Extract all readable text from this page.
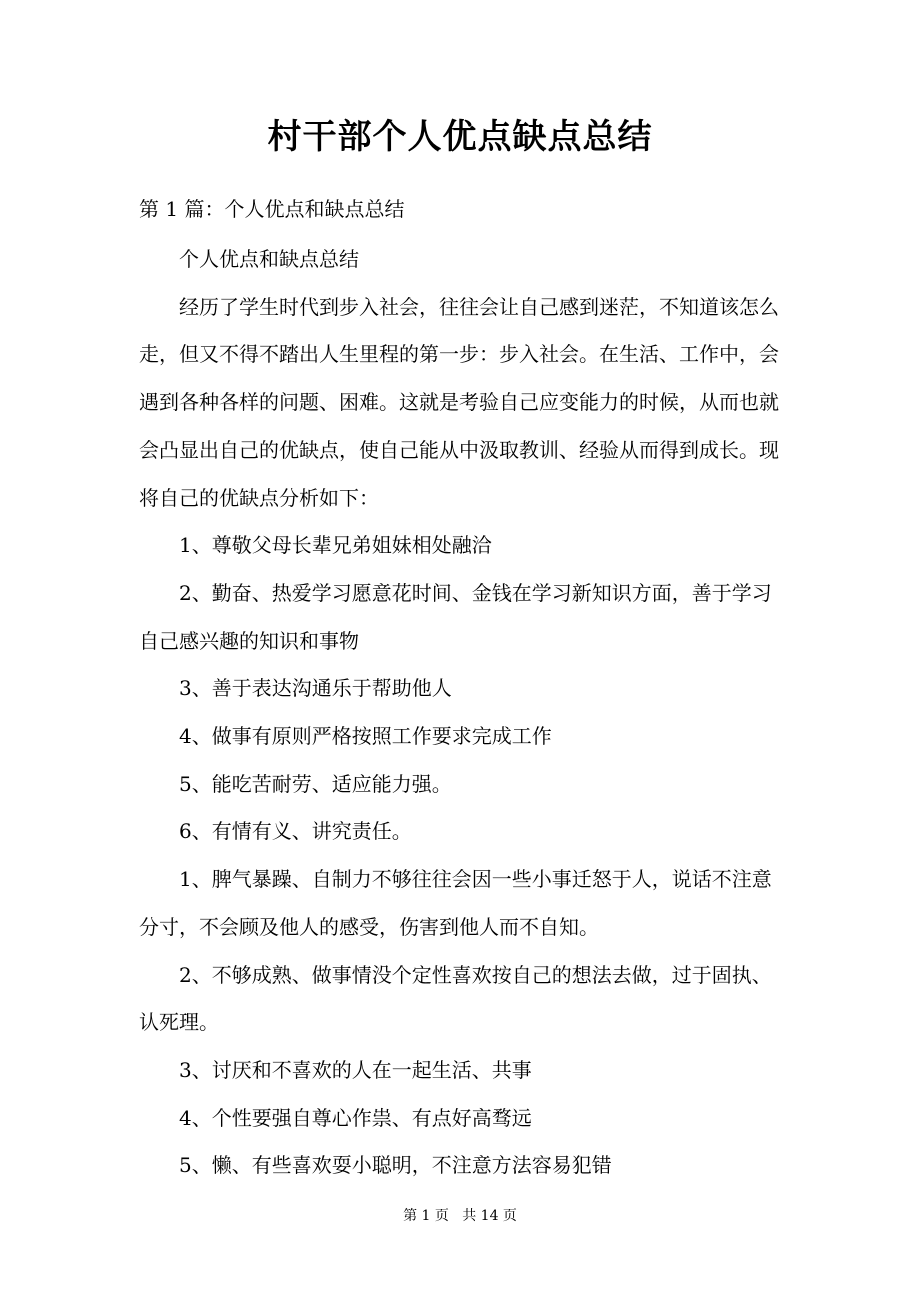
村干部个人优点缺点总结
第 1 篇：个人优点和缺点总结

个人优点和缺点总结

经历了学生时代到步入社会，往往会让自己感到迷茫，不知道该怎么走，但又不得不踏出人生里程的第一步：步入社会。在生活、工作中，会遇到各种各样的问题、困难。这就是考验自己应变能力的时候，从而也就会凸显出自己的优缺点，使自己能从中汲取教训、经验从而得到成长。现将自己的优缺点分析如下：

1、尊敬父母长辈兄弟姐妹相处融洽

2、勤奋、热爱学习愿意花时间、金钱在学习新知识方面，善于学习自己感兴趣的知识和事物

3、善于表达沟通乐于帮助他人

4、做事有原则严格按照工作要求完成工作

5、能吃苦耐劳、适应能力强。

6、有情有义、讲究责任。

1、脾气暴躁、自制力不够往往会因一些小事迁怒于人，说话不注意分寸，不会顾及他人的感受，伤害到他人而不自知。

2、不够成熟、做事情没个定性喜欢按自己的想法去做，过于固执、认死理。

3、讨厌和不喜欢的人在一起生活、共事

4、个性要强自尊心作祟、有点好高骛远

5、懒、有些喜欢耍小聪明，不注意方法容易犯错

第 1 页   共 14 页
